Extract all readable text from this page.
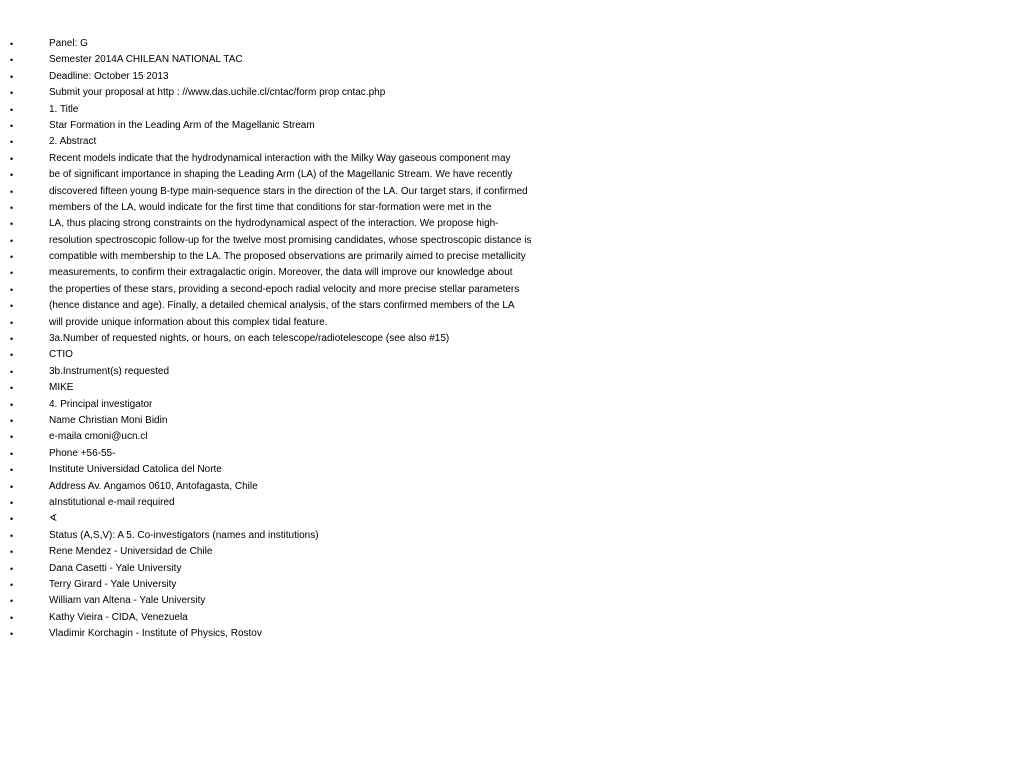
•	Panel: G
•	Semester 2014A CHILEAN NATIONAL TAC
•	Deadline: October 15 2013
•	Submit your proposal at http : //www.das.uchile.cl/cntac/form prop cntac.php
•	1. Title
•	Star Formation in the Leading Arm of the Magellanic Stream
•	2. Abstract
•	Recent models indicate that the hydrodynamical interaction with the Milky Way gaseous component may
•	be of significant importance in shaping the Leading Arm (LA) of the Magellanic Stream. We have recently
•	discovered fifteen young B-type main-sequence stars in the direction of the LA. Our target stars, if confirmed
•	members of the LA, would indicate for the first time that conditions for star-formation were met in the
•	LA, thus placing strong constraints on the hydrodynamical aspect of the interaction. We propose high-
•	resolution spectroscopic follow-up for the twelve most promising candidates, whose spectroscopic distance is
•	compatible with membership to the LA. The proposed observations are primarily aimed to precise metallicity
•	measurements, to confirm their extragalactic origin. Moreover, the data will improve our knowledge about
•	the properties of these stars, providing a second-epoch radial velocity and more precise stellar parameters
•	(hence distance and age). Finally, a detailed chemical analysis, of the stars confirmed members of the LA
•	will provide unique information about this complex tidal feature.
•	3a.Number of requested nights, or hours, on each telescope/radiotelescope (see also #15)
•	CTIO
•	3b.Instrument(s) requested
•	MIKE
•	4. Principal investigator
•	Name Christian Moni Bidin
•	e-maila cmoni@ucn.cl
•	Phone +56-55-
•	Institute Universidad Catolica del Norte
•	Address Av. Angamos 0610, Antofagasta, Chile
•	aInstitutional e-mail required
•	∢
•	Status (A,S,V): A 5. Co-investigators (names and institutions)
•	Rene Mendez - Universidad de Chile
•	Dana Casetti - Yale University
•	Terry Girard - Yale University
•	William van Altena - Yale University
•	Kathy Vieira - CIDA, Venezuela
•	Vladimir Korchagin - Institute of Physics, Rostov
